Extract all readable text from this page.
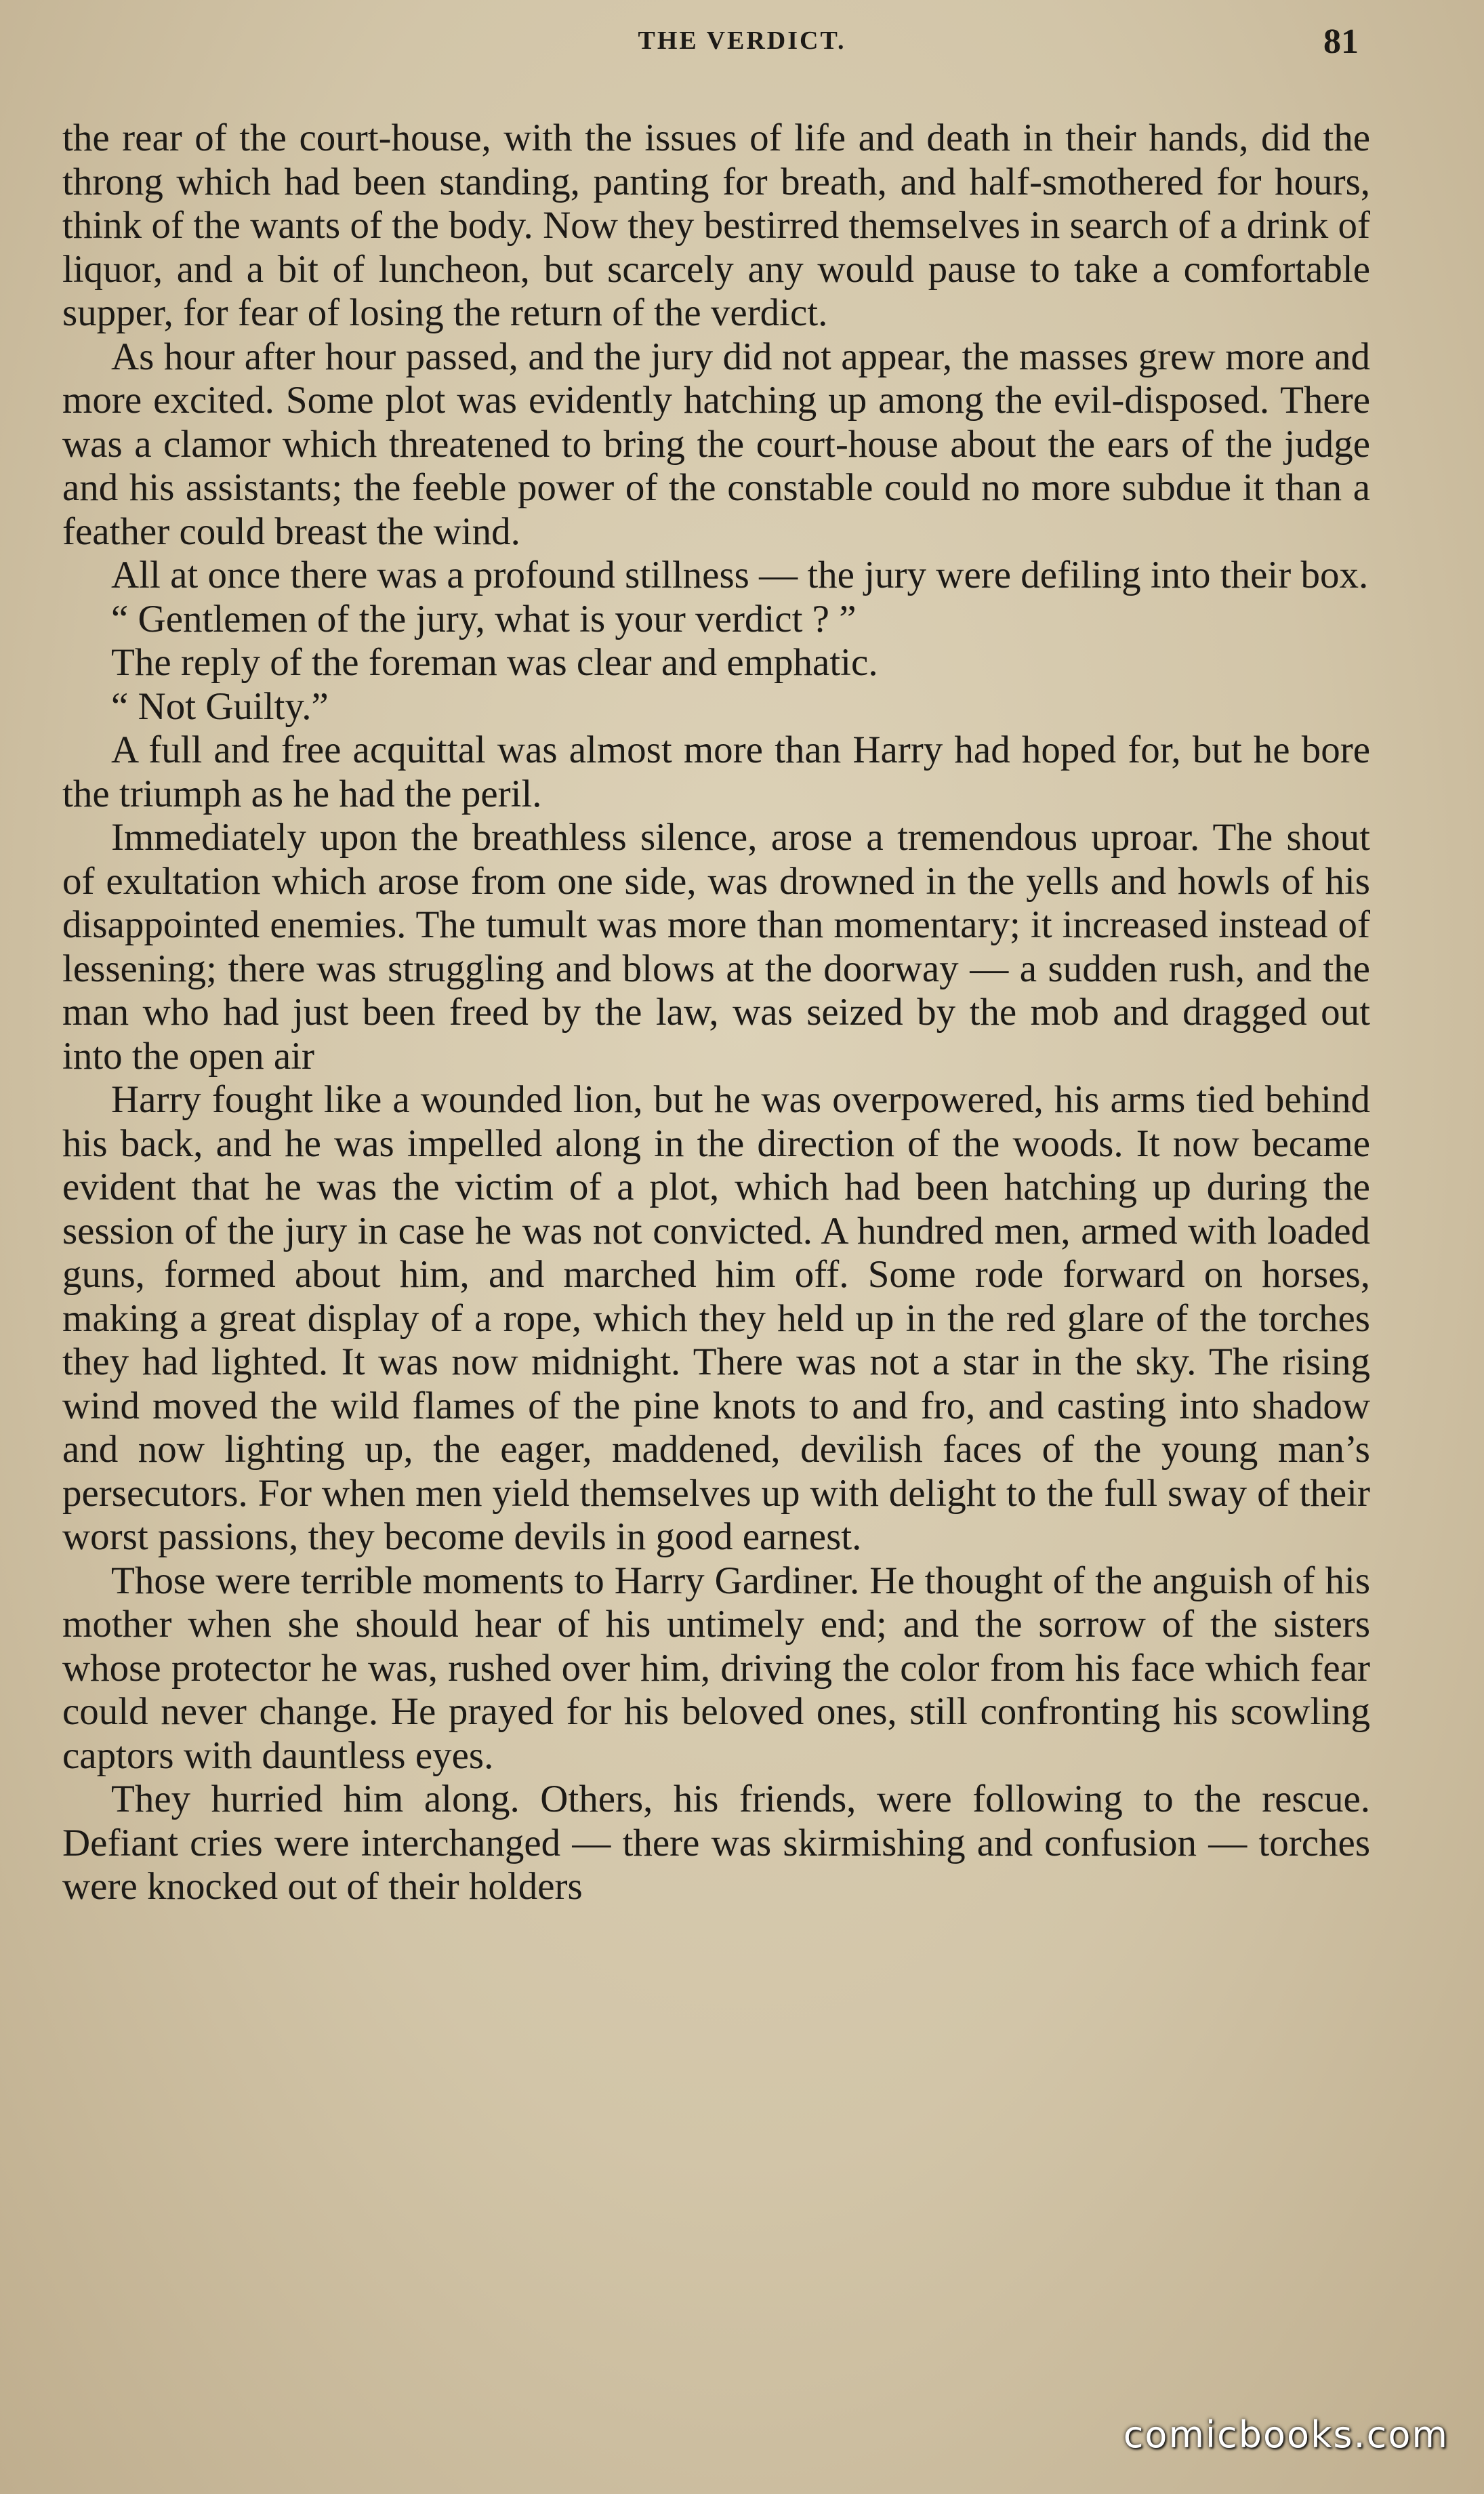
THE VERDICT.	81

the rear of the court-house, with the issues of life and death in their hands, did the throng which had been standing, panting for breath, and half-smothered for hours, think of the wants of the body. Now they bestirred themselves in search of a drink of liquor, and a bit of luncheon, but scarcely any would pause to take a comfortable supper, for fear of losing the return of the verdict.

As hour after hour passed, and the jury did not appear, the masses grew more and more excited. Some plot was evidently hatching up among the evil-disposed. There was a clamor which threatened to bring the court-house about the ears of the judge and his assistants; the feeble power of the constable could no more subdue it than a feather could breast the wind.

All at once there was a profound stillness — the jury were defiling into their box.

“ Gentlemen of the jury, what is your verdict ? ”

The reply of the foreman was clear and emphatic.

“ Not Guilty.”

A full and free acquittal was almost more than Harry had hoped for, but he bore the triumph as he had the peril.

Immediately upon the breathless silence, arose a tremendous uproar. The shout of exultation which arose from one side, was drowned in the yells and howls of his disappointed enemies. The tumult was more than momentary; it increased instead of lessening; there was struggling and blows at the doorway — a sudden rush, and the man who had just been freed by the law, was seized by the mob and dragged out into the open air

Harry fought like a wounded lion, but he was overpowered, his arms tied behind his back, and he was impelled along in the direction of the woods. It now became evident that he was the victim of a plot, which had been hatching up during the session of the jury in case he was not convicted. A hundred men, armed with loaded guns, formed about him, and marched him off. Some rode forward on horses, making a great display of a rope, which they held up in the red glare of the torches they had lighted. It was now midnight. There was not a star in the sky. The rising wind moved the wild flames of the pine knots to and fro, and casting into shadow and now lighting up, the eager, maddened, devilish faces of the young man’s persecutors. For when men yield themselves up with delight to the full sway of their worst passions, they become devils in good earnest.

Those were terrible moments to Harry Gardiner. He thought of the anguish of his mother when she should hear of his untimely end; and the sorrow of the sisters whose protector he was, rushed over him, driving the color from his face which fear could never change. He prayed for his beloved ones, still confronting his scowling captors with dauntless eyes.

They hurried him along. Others, his friends, were following to the rescue. Defiant cries were interchanged — there was skirmishing and confusion — torches were knocked out of their holders

comicbooks.com
